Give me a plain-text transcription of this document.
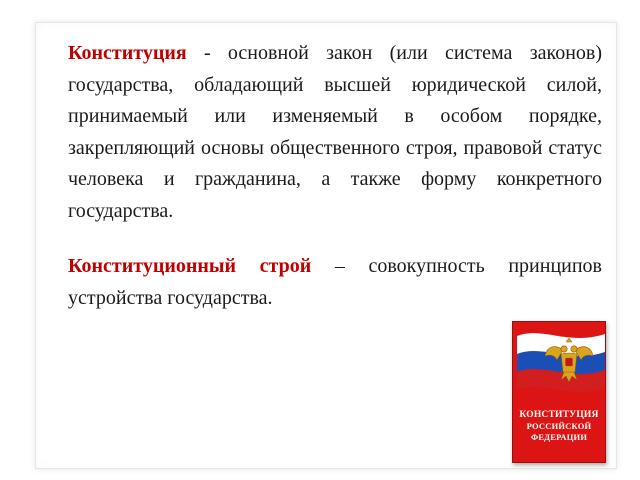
Конституция - основной закон (или система законов) государства, обладающий высшей юридической силой, принимаемый или изменяемый в особом порядке, закрепляющий основы общественного строя, правовой статус человека и гражданина, а также форму конкретного государства.

Конституционный строй – совокупность принципов устройства государства.

КОНСТИТУЦИЯ
РОССИЙСКОЙ
ФЕДЕРАЦИИ
